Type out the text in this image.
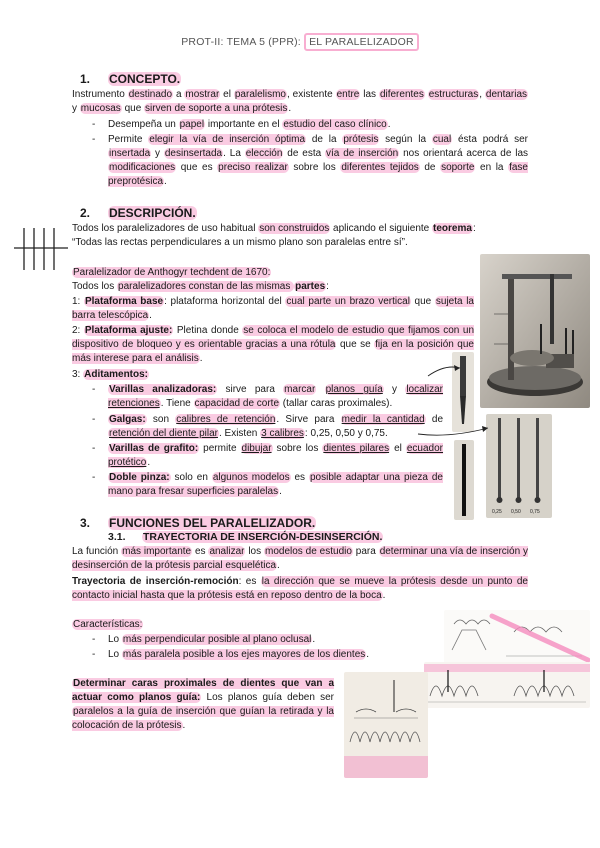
PROT-II: TEMA 5 (PPR): EL PARALELIZADOR
1. CONCEPTO.
Instrumento destinado a mostrar el paralelismo, existente entre las diferentes estructuras, dentarias y mucosas que sirven de soporte a una prótesis.
- Desempeña un papel importante en el estudio del caso clínico.
- Permite elegir la vía de inserción óptima de la prótesis según la cual ésta podrá ser insertada y desinsertada. La elección de esta vía de inserción nos orientará acerca de las modificaciones que es preciso realizar sobre los diferentes tejidos de soporte en la fase preprotésica.
2. DESCRIPCIÓN.
Todos los paralelizadores de uso habitual son construidos aplicando el siguiente teorema:
“Todas las rectas perpendiculares a un mismo plano son paralelas entre sí”.
Paralelizador de Anthogyr techdent de 1670:
Todos los paralelizadores constan de las mismas partes:
1: Plataforma base: plataforma horizontal del cual parte un brazo vertical que sujeta la barra telescópica.
2: Plataforma ajuste: Pletina donde se coloca el modelo de estudio que fijamos con un dispositivo de bloqueo y es orientable gracias a una rótula que se fija en la posición que más interese para el análisis.
3: Aditamentos:
- Varillas analizadoras: sirve para marcar planos guía y localizar retenciones. Tiene capacidad de corte (tallar caras proximales).
- Galgas: son calibres de retención. Sirve para medir la cantidad de retención del diente pilar. Existen 3 calibres: 0,25, 0,50 y 0,75.
- Varillas de grafito: permite dibujar sobre los dientes pilares el ecuador protético.
- Doble pinza: solo en algunos modelos es posible adaptar una pieza de mano para fresar superficies paralelas.
0,25 0,50 0,75
3. FUNCIONES DEL PARALELIZADOR.
3.1. TRAYECTORIA DE INSERCIÓN-DESINSERCIÓN.
La función más importante es analizar los modelos de estudio para determinar una vía de inserción y desinserción de la prótesis parcial esquelética.
Trayectoria de inserción-remoción: es la dirección que se mueve la prótesis desde un punto de contacto inicial hasta que la prótesis está en reposo dentro de la boca.
Características:
- Lo más perpendicular posible al plano oclusal.
- Lo más paralela posible a los ejes mayores de los dientes.
Determinar caras proximales de dientes que van a actuar como planos guía: Los planos guía deben ser paralelos a la guía de inserción que guían la retirada y la colocación de la prótesis.
